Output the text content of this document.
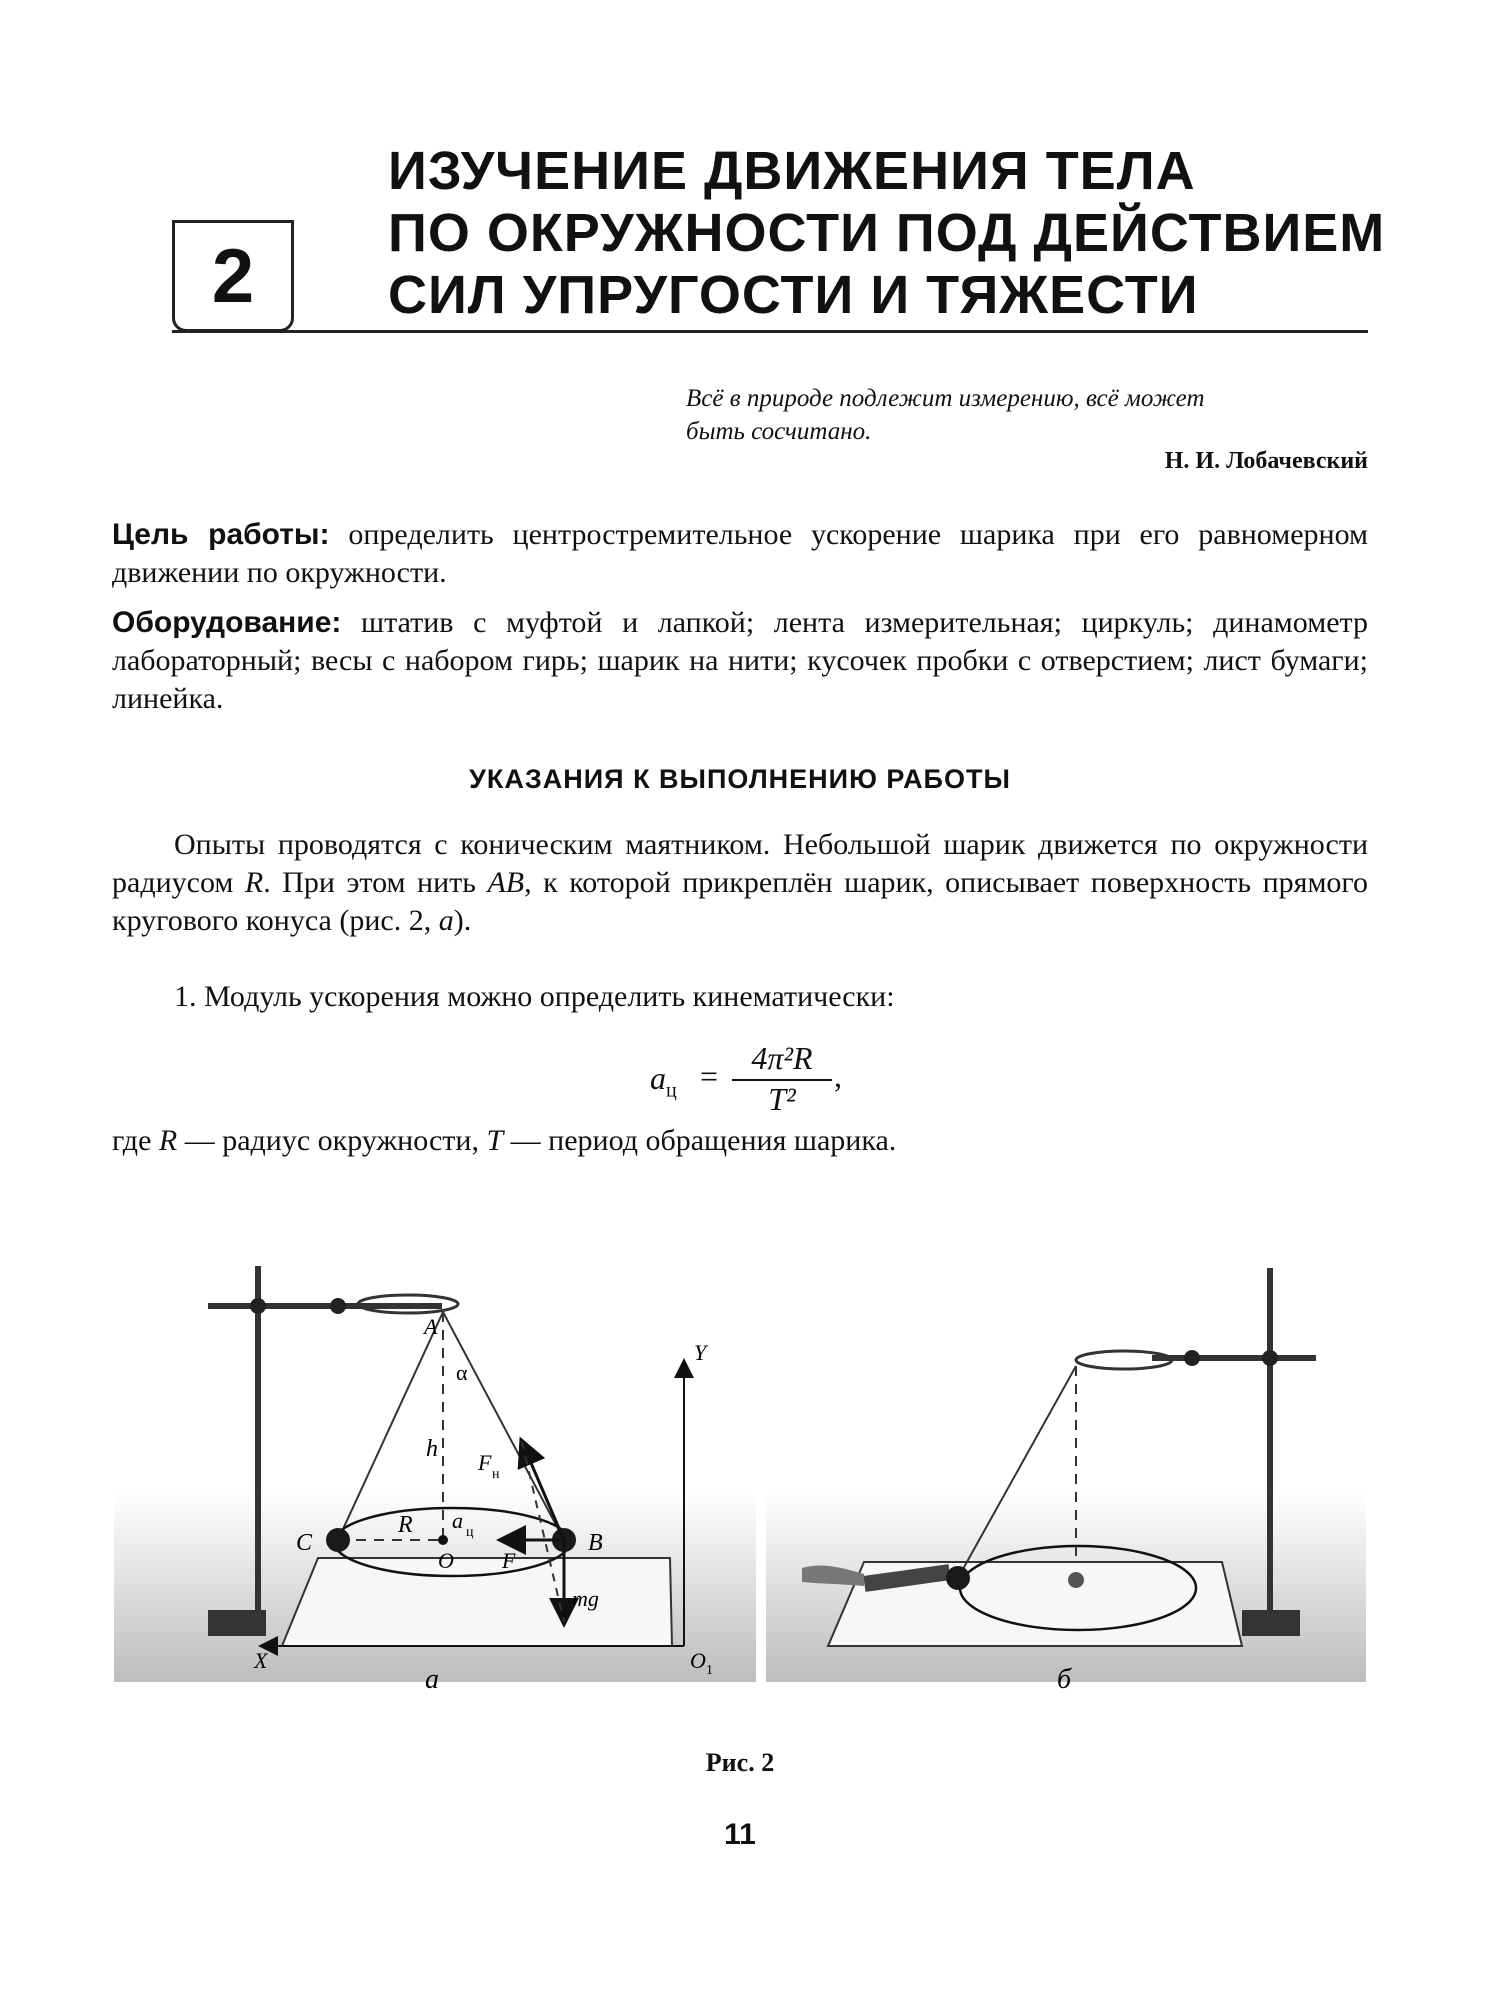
2
ИЗУЧЕНИЕ ДВИЖЕНИЯ ТЕЛА
ПО ОКРУЖНОСТИ ПОД ДЕЙСТВИЕМ
СИЛ УПРУГОСТИ И ТЯЖЕСТИ
Всё в природе подлежит измерению, всё может
быть сосчитано.
Н. И. Лобачевский
Цель работы: определить центростремительное ускорение шарика при его равномерном движении по окружности.
Оборудование: штатив с муфтой и лапкой; лента измерительная; циркуль; динамометр лабораторный; весы с набором гирь; шарик на нити; кусочек пробки с отверстием; лист бумаги; линейка.
УКАЗАНИЯ К ВЫПОЛНЕНИЮ РАБОТЫ
Опыты проводятся с коническим маятником. Небольшой шарик движется по окружности радиусом R. При этом нить AB, к которой прикреплён шарик, описывает поверхность прямого кругового конуса (рис. 2, а).
1. Модуль ускорения можно определить кинематически:
$a_ц = \frac{\text{4π²R}}{\text{T²}}$ ,
где R — радиус окружности, T — период обращения шарика.
A
α
h
F н
R a ц
C
O F
B
mg
X
Y
O 1
а	б
Рис. 2
11
